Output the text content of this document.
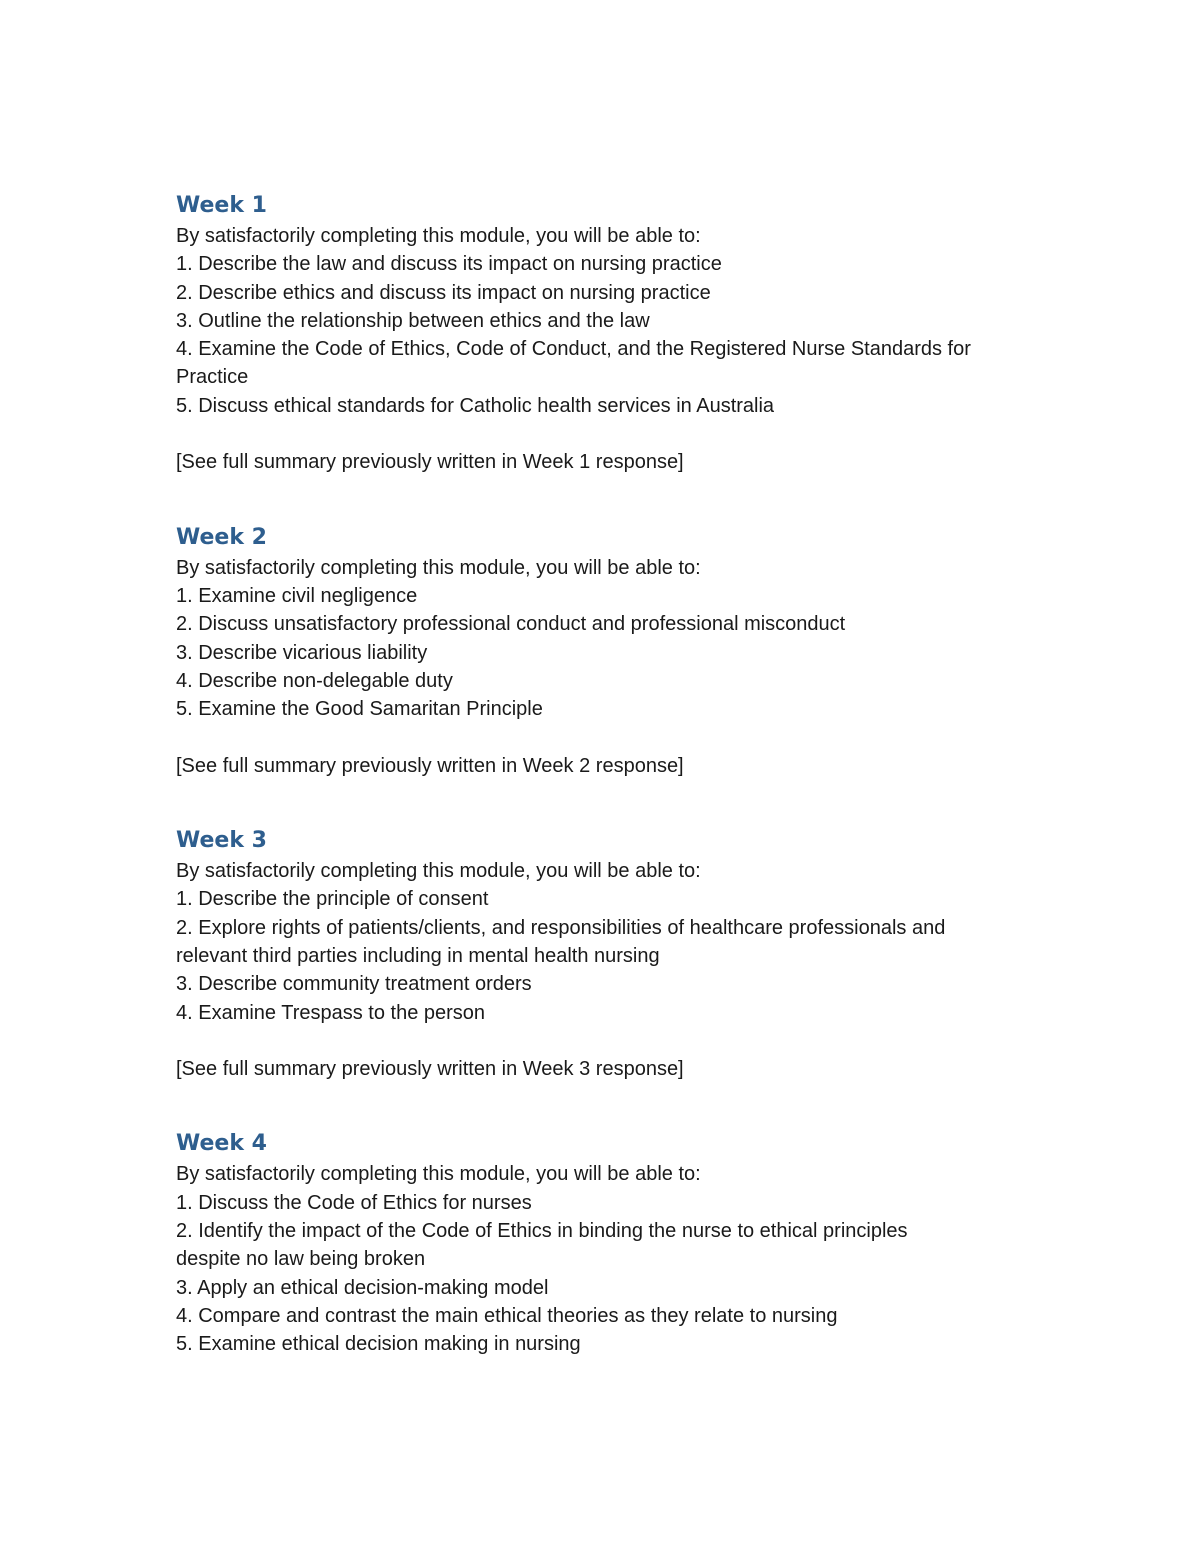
Week 1

By satisfactorily completing this module, you will be able to:

1. Describe the law and discuss its impact on nursing practice

2. Describe ethics and discuss its impact on nursing practice

3. Outline the relationship between ethics and the law

4. Examine the Code of Ethics, Code of Conduct, and the Registered Nurse Standards for Practice

5. Discuss ethical standards for Catholic health services in Australia

[See full summary previously written in Week 1 response]

Week 2

By satisfactorily completing this module, you will be able to:

1. Examine civil negligence

2. Discuss unsatisfactory professional conduct and professional misconduct

3. Describe vicarious liability

4. Describe non-delegable duty

5. Examine the Good Samaritan Principle

[See full summary previously written in Week 2 response]

Week 3

By satisfactorily completing this module, you will be able to:

1. Describe the principle of consent

2. Explore rights of patients/clients, and responsibilities of healthcare professionals and relevant third parties including in mental health nursing

3. Describe community treatment orders

4. Examine Trespass to the person

[See full summary previously written in Week 3 response]

Week 4

By satisfactorily completing this module, you will be able to:

1. Discuss the Code of Ethics for nurses

2. Identify the impact of the Code of Ethics in binding the nurse to ethical principles despite no law being broken

3. Apply an ethical decision-making model

4. Compare and contrast the main ethical theories as they relate to nursing

5. Examine ethical decision making in nursing
